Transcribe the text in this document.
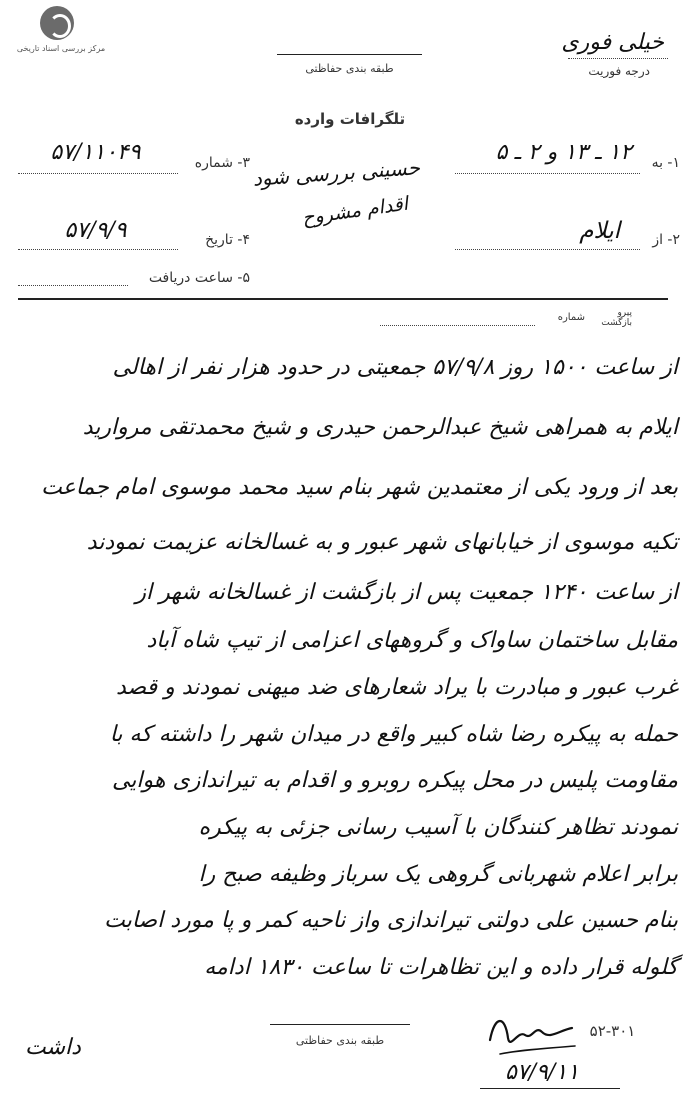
مرکز بررسی اسناد تاریخی	خیلی فوری
درجه فوریت
طبقه بندی حفاظتی
تلگرافات وارده
۱- به
۱۲ ـ ۱۳ و ۲ ـ ۵
۳- شماره
۵۷/۱۱۰۴۹
حسینی بررسی شود
اقدام مشروح
۲- از
ایلام
۴- تاریخ
۵۷/۹/۹
۵- ساعت دریافت
پیرو
بازگشت
شماره
از ساعت ۱۵۰۰ روز ۵۷/۹/۸ جمعیتی در حدود هزار نفر از اهالی
ایلام به همراهی شیخ عبدالرحمن حیدری و شیخ محمدتقی مروارید
بعد از ورود یکی از معتمدین شهر بنام سید محمد موسوی امام جماعت
تکیه موسوی از خیابانهای شهر عبور و به غسالخانه عزیمت نمودند
از ساعت ۱۲۴۰ جمعیت پس از بازگشت از غسالخانه شهر از
مقابل ساختمان ساواک و گروههای اعزامی از تیپ شاه آباد
غرب عبور و مبادرت با یراد شعارهای ضد میهنی نمودند و قصد
حمله به پیکره رضا شاه کبیر واقع در میدان شهر را داشته که با
مقاومت پلیس در محل پیکره روبرو و اقدام به تیراندازی هوایی
نمودند تظاهر کنندگان با آسیب رسانی جزئی به پیکره
برابر اعلام شهربانی گروهی یک سرباز وظیفه صبح را
بنام حسین علی دولتی تیراندازی واز ناحیه کمر و پا مورد اصابت
گلوله قرار داده و این تظاهرات تا ساعت ۱۸۳۰ ادامه
داشت	طبقه بندی حفاظتی
۵۲-۳۰۱
۵۷/۹/۱۱
